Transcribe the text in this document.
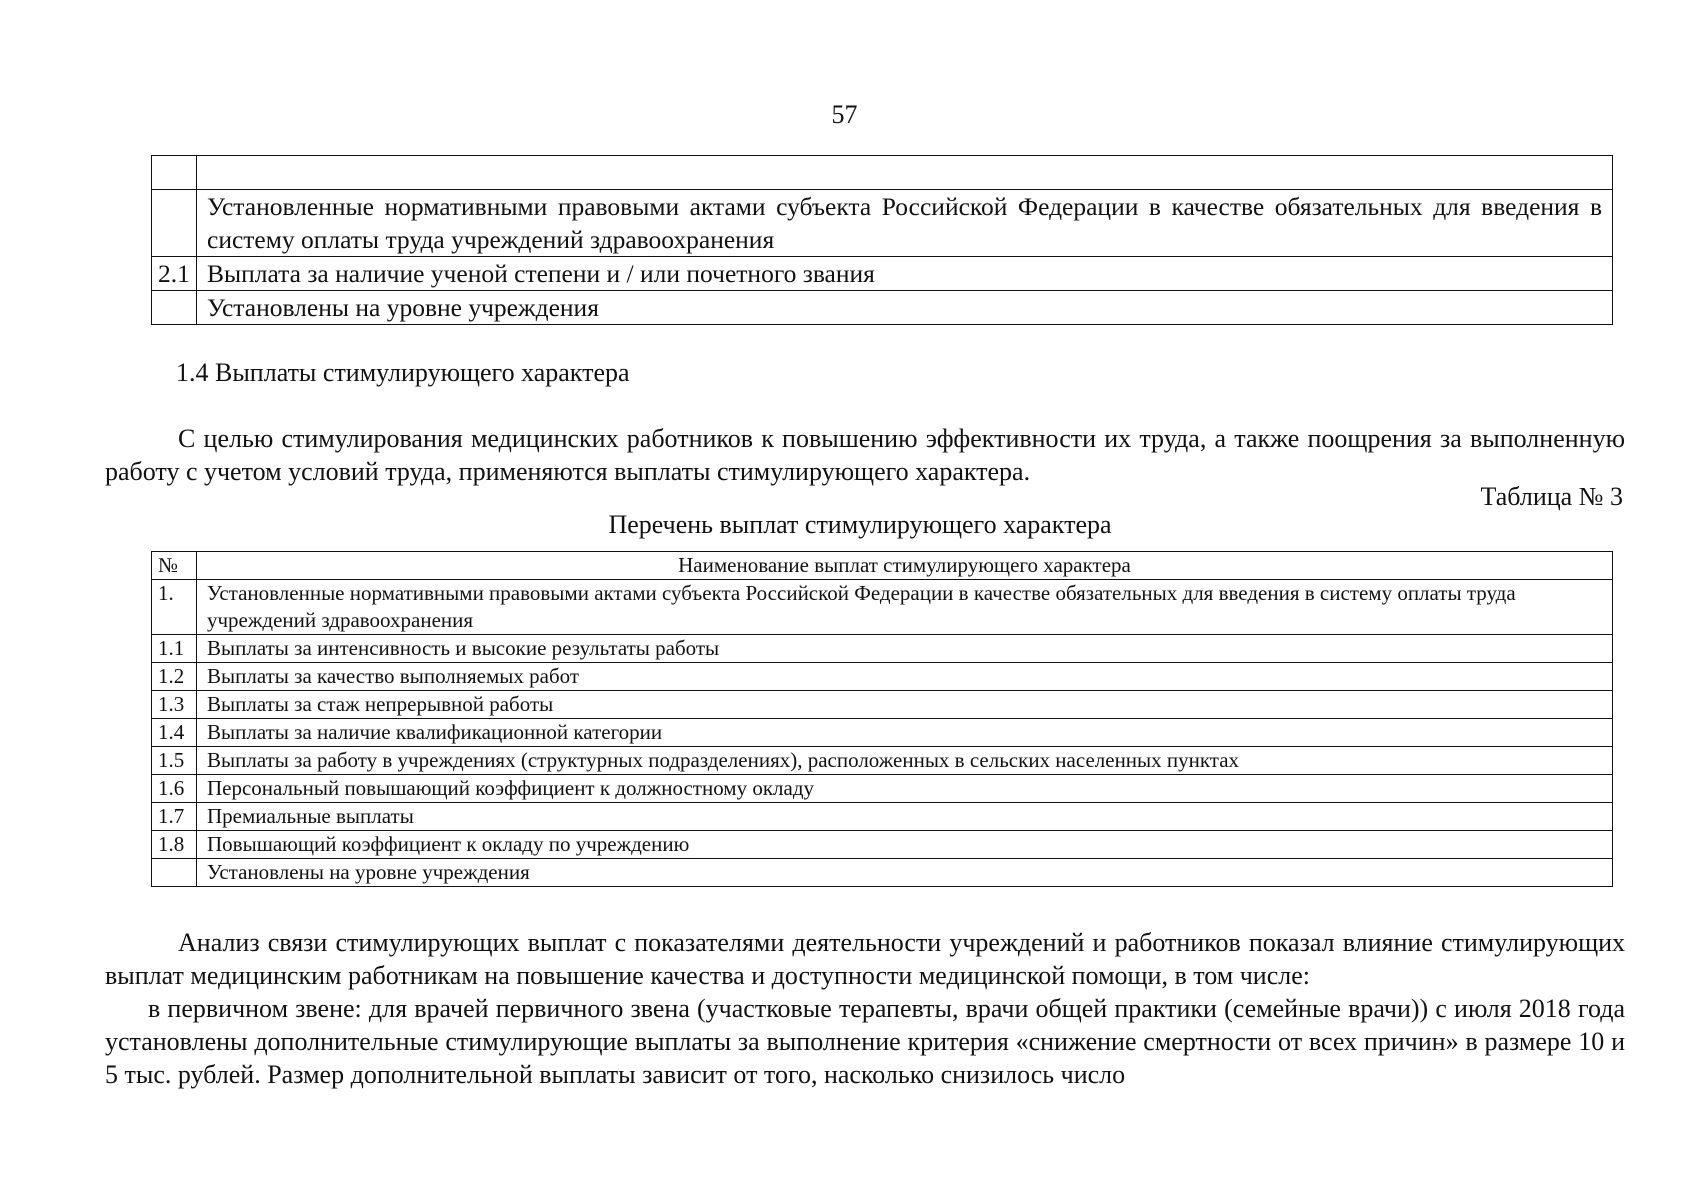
57

	Установленные нормативными правовыми актами субъекта Российской Федерации в качестве обязательных для введения в систему оплаты труда учреждений здравоохранения
2.1	Выплата за наличие ученой степени и / или почетного звания
	Установлены на уровне учреждения
1.4 Выплаты стимулирующего характера
С целью стимулирования медицинских работников к повышению эффективности их труда, а также поощрения за выполненную работу с учетом условий труда, применяются выплаты стимулирующего характера.
Таблица № 3
Перечень выплат стимулирующего характера
№	Наименование выплат стимулирующего характера
1.	Установленные нормативными правовыми актами субъекта Российской Федерации в качестве обязательных для введения в систему оплаты труда учреждений здравоохранения
1.1	Выплаты за интенсивность и высокие результаты работы
1.2	Выплаты за качество выполняемых работ
1.3	Выплаты за стаж непрерывной работы
1.4	Выплаты за наличие квалификационной категории
1.5	Выплаты за работу в учреждениях (структурных подразделениях), расположенных в сельских населенных пунктах
1.6	Персональный повышающий коэффициент к должностному окладу
1.7	Премиальные выплаты
1.8	Повышающий коэффициент к окладу по учреждению
	Установлены на уровне учреждения
Анализ связи стимулирующих выплат с показателями деятельности учреждений и работников показал влияние стимулирующих выплат медицинским работникам на повышение качества и доступности медицинской помощи, в том числе:
в первичном звене: для врачей первичного звена (участковые терапевты, врачи общей практики (семейные врачи)) с июля 2018 года установлены дополнительные стимулирующие выплаты за выполнение критерия «снижение смертности от всех причин» в размере 10 и 5 тыс. рублей. Размер дополнительной выплаты зависит от того, насколько снизилось число
